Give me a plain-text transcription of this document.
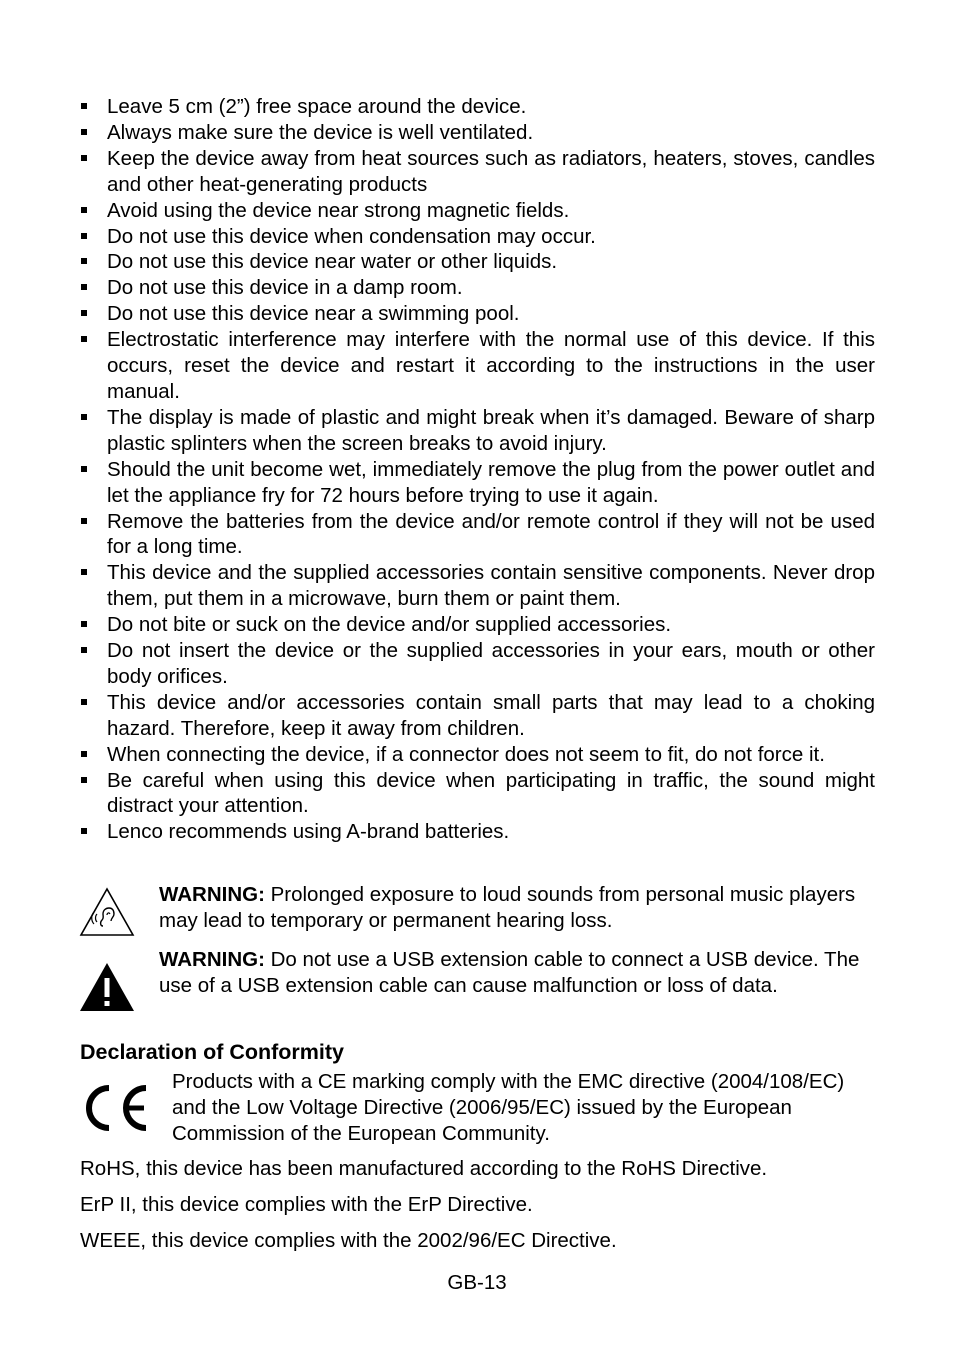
Leave 5 cm (2”) free space around the device.
Always make sure the device is well ventilated.
Keep the device away from heat sources such as radiators, heaters, stoves, candles and other heat-generating products
Avoid using the device near strong magnetic fields.
Do not use this device when condensation may occur.
Do not use this device near water or other liquids.
Do not use this device in a damp room.
Do not use this device near a swimming pool.
Electrostatic interference may interfere with the normal use of this device. If this occurs, reset the device and restart it according to the instructions in the user manual.
The display is made of plastic and might break when it’s damaged. Beware of sharp plastic splinters when the screen breaks to avoid injury.
Should the unit become wet, immediately remove the plug from the power outlet and let the appliance fry for 72 hours before trying to use it again.
Remove the batteries from the device and/or remote control if they will not be used for a long time.
This device and the supplied accessories contain sensitive components. Never drop them, put them in a microwave, burn them or paint them.
Do not bite or suck on the device and/or supplied accessories.
Do not insert the device or the supplied accessories in your ears, mouth or other body orifices.
This device and/or accessories contain small parts that may lead to a choking hazard. Therefore, keep it away from children.
When connecting the device, if a connector does not seem to fit, do not force it.
Be careful when using this device when participating in traffic, the sound might distract your attention.
Lenco recommends using A-brand batteries.
WARNING: Prolonged exposure to loud sounds from personal music players may lead to temporary or permanent hearing loss.
WARNING: Do not use a USB extension cable to connect a USB device. The use of a USB extension cable can cause malfunction or loss of data.
Declaration of Conformity
Products with a CE marking comply with the EMC directive (2004/108/EC) and the Low Voltage Directive (2006/95/EC) issued by the European Commission of the European Community.
RoHS, this device has been manufactured according to the RoHS Directive.
ErP II, this device complies with the ErP Directive.
WEEE, this device complies with the 2002/96/EC Directive.
GB-13
